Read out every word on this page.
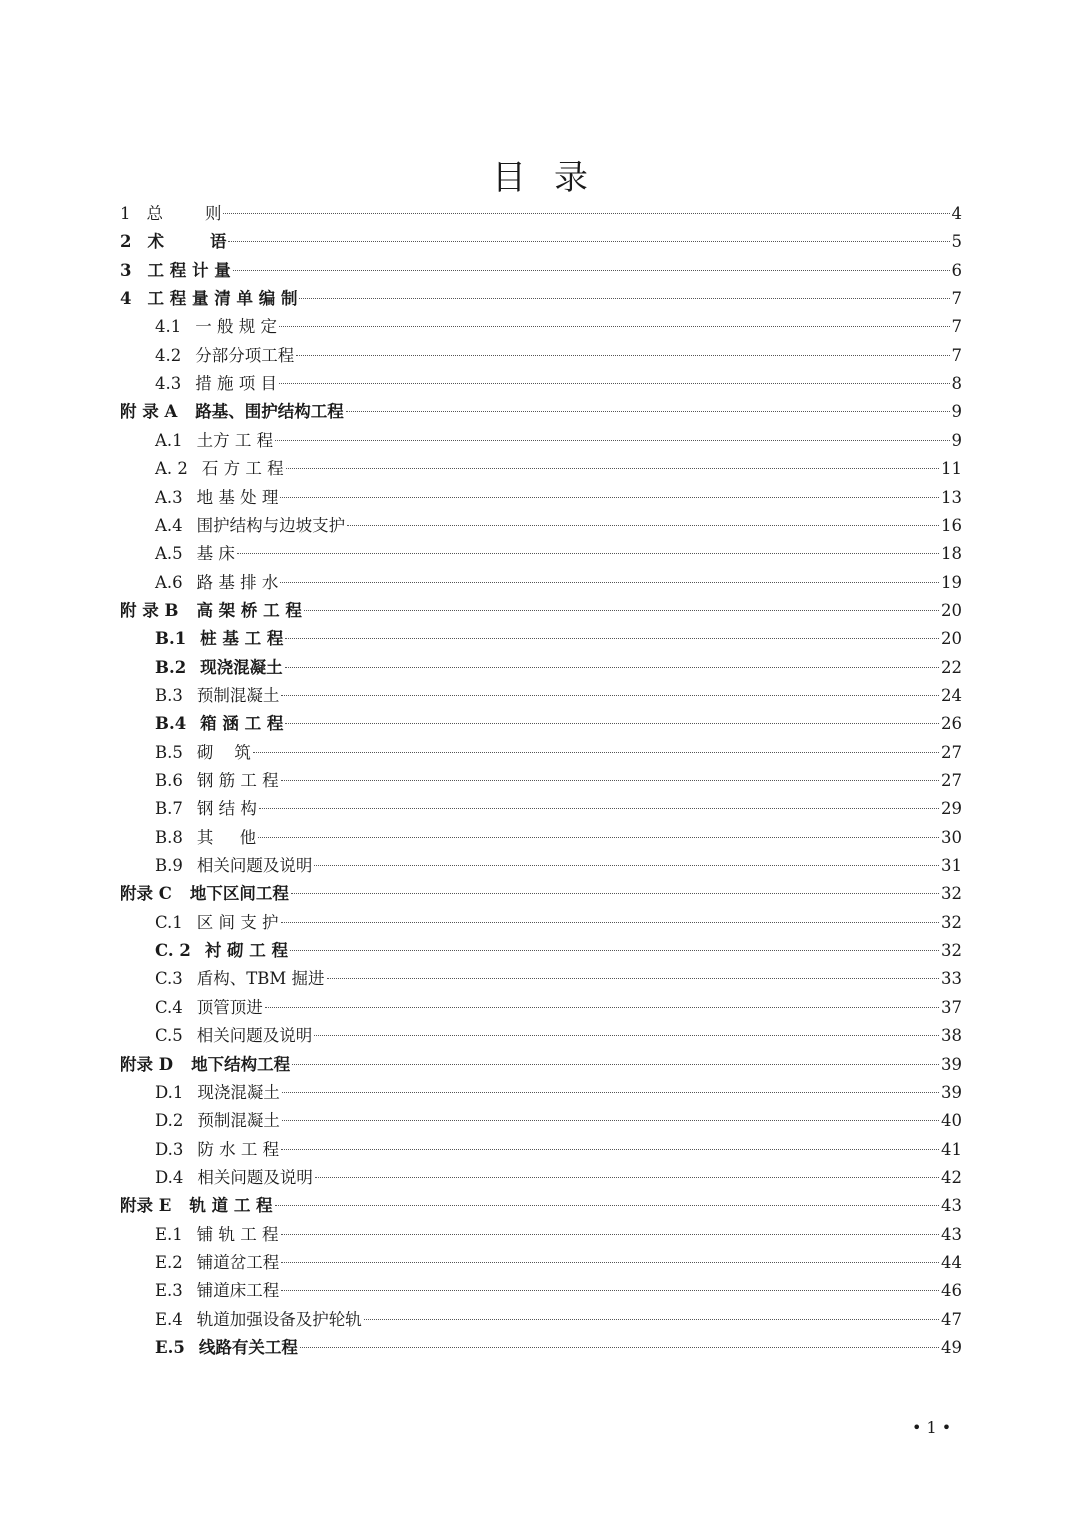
目录
1 总        则	4
2 术        语	5
3 工 程 计 量	6
4 工 程 量 清 单 编 制	7
4.1 一 般 规 定	7
4.2 分部分项工程	7
4.3 措 施 项 目	8
附 录 A 路基、围护结构工程	9
A.1 土方 工 程	9
A. 2 石 方 工 程	11
A.3 地 基 处 理	13
A.4 围护结构与边坡支护	16
A.5 基 床	18
A.6 路 基 排 水	19
附 录 B 高 架 桥 工 程	20
B.1 桩 基 工 程	20
B.2 现浇混凝土	22
B.3 预制混凝土	24
B.4 箱 涵 工 程	26
B.5 砌    筑	27
B.6 钢 筋 工 程	27
B.7 钢 结 构	29
B.8 其     他	30
B.9 相关问题及说明	31
附录 C 地下区间工程	32
C.1 区 间 支 护	32
C. 2 衬 砌 工 程	32
C.3 盾构、TBM 掘进	33
C.4 顶管顶进	37
C.5 相关问题及说明	38
附录 D 地下结构工程	39
D.1 现浇混凝土	39
D.2 预制混凝土	40
D.3 防 水 工 程	41
D.4 相关问题及说明	42
附录 E 轨 道 工 程	43
E.1 铺 轨 工 程	43
E.2 铺道岔工程	44
E.3 铺道床工程	46
E.4 轨道加强设备及护轮轨	47
E.5 线路有关工程	49
• 1 •
